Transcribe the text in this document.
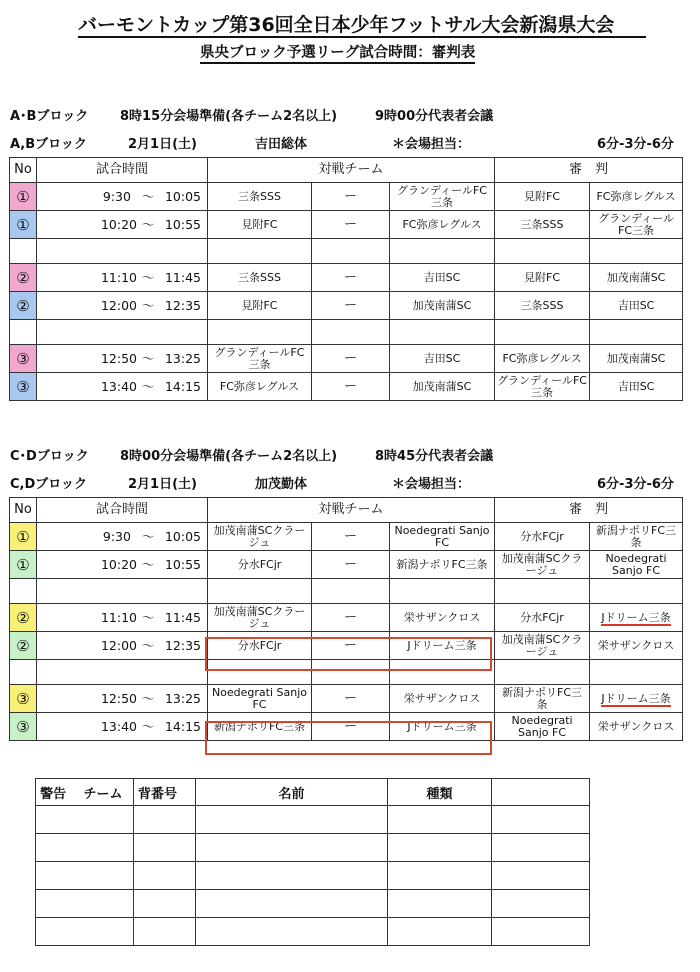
バーモントカップ第36回全日本少年フットサル大会新潟県大会
県央ブロック予選リーグ試合時間：審判表
A･Bブロック 8時15分会場準備(各チーム2名以上)	9時00分代表者会議
A,Bブロック	2月1日(土)	吉田総体	＊会場担当：	6分-3分-6分
No	試合時間	対戦チーム			審　判	
①	9:30 〜 10:05	三条SSS	ー	グランディールFC三条	見附FC	FC弥彦レグルス
①	10:20 〜 10:55	見附FC	ー	FC弥彦レグルス	三条SSS	グランディールFC三条

②	11:10 〜 11:45	三条SSS	ー	吉田SC	見附FC	加茂南蒲SC
②	12:00 〜 12:35	見附FC	ー	加茂南蒲SC	三条SSS	吉田SC

③	12:50 〜 13:25	グランディールFC三条	ー	吉田SC	FC弥彦レグルス	加茂南蒲SC
③	13:40 〜 14:15	FC弥彦レグルス	ー	加茂南蒲SC	グランディールFC三条	吉田SC
C･Dブロック 8時00分会場準備(各チーム2名以上)	8時45分代表者会議
C,Dブロック	2月1日(土)	加茂勤体	＊会場担当：	6分-3分-6分
No	試合時間	対戦チーム			審　判	
①	9:30 〜 10:05	加茂南蒲SCクラージュ	ー	Noedegrati Sanjo FC	分水FCjr	新潟ナポリFC三条
①	10:20 〜 10:55	分水FCjr	ー	新潟ナポリFC三条	加茂南蒲SCクラージュ	Noedegrati Sanjo FC

②	11:10 〜 11:45	加茂南蒲SCクラージュ	ー	栄サザンクロス	分水FCjr	Jドリーム三条
②	12:00 〜 12:35	分水FCjr	ー	Jドリーム三条	加茂南蒲SCクラージュ	栄サザンクロス

③	12:50 〜 13:25	Noedegrati Sanjo FC	ー	栄サザンクロス	新潟ナポリFC三条	Jドリーム三条
③	13:40 〜 14:15	新潟ナポリFC三条	ー	Jドリーム三条	Noedegrati Sanjo FC	栄サザンクロス
警告　 チーム	背番号	名前	種類	
